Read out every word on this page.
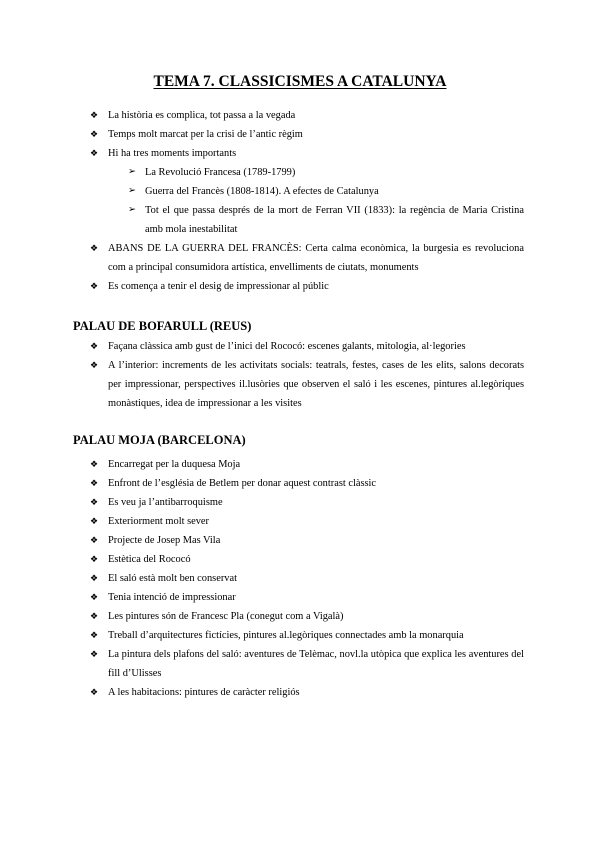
TEMA 7. CLASSICISMES A CATALUNYA
❖ La història es complica, tot passa a la vegada
❖ Temps molt marcat per la crisi de l’antic règim
❖ Hi ha tres moments importants
➢ La Revolució Francesa (1789-1799)
➢ Guerra del Francès (1808-1814). A efectes de Catalunya
➢ Tot el que passa després de la mort de Ferran VII (1833): la regència de Maria Cristina amb mola inestabilitat
❖ ABANS DE LA GUERRA DEL FRANCÈS: Certa calma econòmica, la burgesia es revoluciona com a principal consumidora artística, envelliments de ciutats, monuments
❖ Es comença a tenir el desig de impressionar al públic
PALAU DE BOFARULL (REUS)
❖ Façana clàssica amb gust de l’inici del Rococó: escenes galants, mitologia, al·legories
❖ A l’interior: increments de les activitats socials: teatrals, festes, cases de les elits, salons decorats per impressionar, perspectives il.lusòries que observen el saló i les escenes, pintures al.legòriques monàstiques, idea de impressionar a les visites
PALAU MOJA (BARCELONA)
❖ Encarregat per la duquesa Moja
❖ Enfront de l’església de Betlem per donar aquest contrast clàssic
❖ Es veu ja l’antibarroquisme
❖ Exteriorment molt sever
❖ Projecte de Josep Mas Vila
❖ Estètica del Rococó
❖ El saló està molt ben conservat
❖ Tenia intenció de impressionar
❖ Les pintures són de Francesc Pla (conegut com a Vigalà)
❖ Treball d’arquitectures fictícies, pintures al.legòriques connectades amb la monarquia
❖ La pintura dels plafons del saló: aventures de Telèmac, novl.la utòpica que explica les aventures del fill d’Ulisses
❖ A les habitacions: pintures de caràcter religiós
